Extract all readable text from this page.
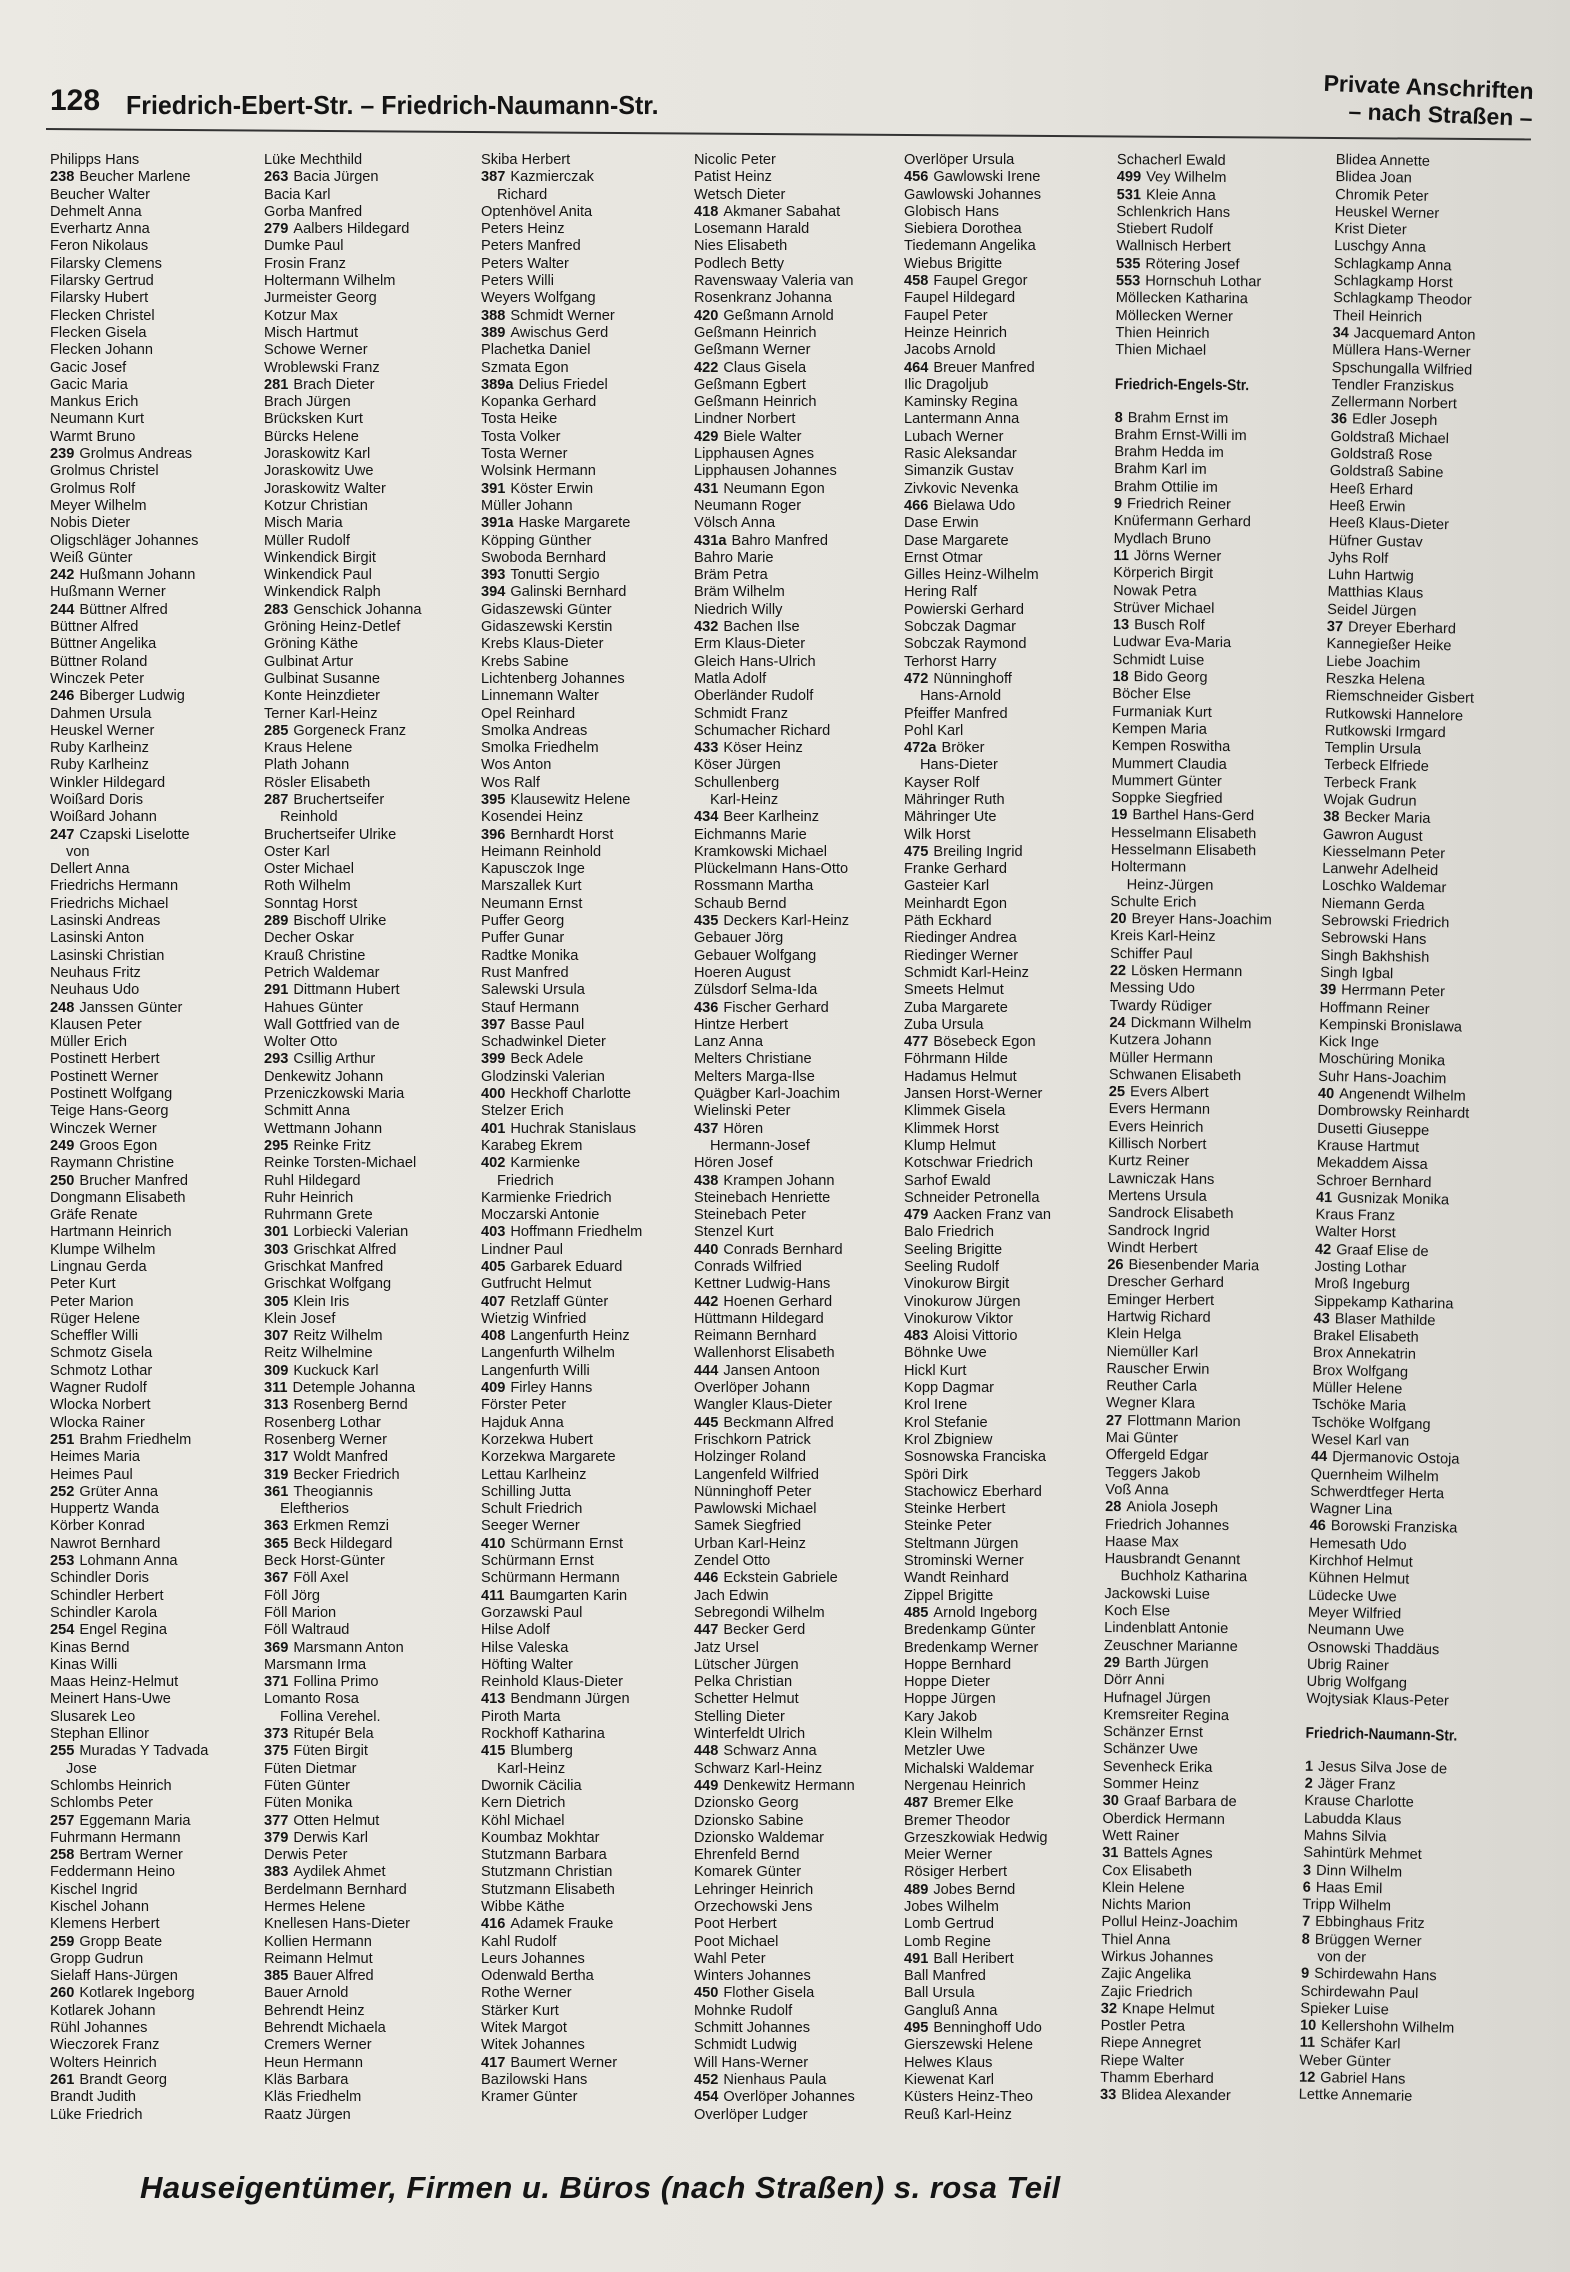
128 Friedrich-Ebert-Str. – Friedrich-Naumann-Str.
Private Anschriften
– nach Straßen –
Philipps Hans
238 Beucher Marlene
Beucher Walter
Dehmelt Anna
Everhartz Anna
Feron Nikolaus
Filarsky Clemens
Filarsky Gertrud
Filarsky Hubert
Flecken Christel
Flecken Gisela
Flecken Johann
Gacic Josef
Gacic Maria
Mankus Erich
Neumann Kurt
Warmt Bruno
239 Grolmus Andreas
Grolmus Christel
Grolmus Rolf
Meyer Wilhelm
Nobis Dieter
Oligschläger Johannes
Weiß Günter
242 Hußmann Johann
Hußmann Werner
244 Büttner Alfred
Büttner Alfred
Büttner Angelika
Büttner Roland
Winczek Peter
246 Biberger Ludwig
Dahmen Ursula
Heuskel Werner
Ruby Karlheinz
Ruby Karlheinz
Winkler Hildegard
Woißard Doris
Woißard Johann
247 Czapski Liselotte
von
Dellert Anna
Friedrichs Hermann
Friedrichs Michael
Lasinski Andreas
Lasinski Anton
Lasinski Christian
Neuhaus Fritz
Neuhaus Udo
248 Janssen Günter
Klausen Peter
Müller Erich
Postinett Herbert
Postinett Werner
Postinett Wolfgang
Teige Hans-Georg
Winczek Werner
249 Groos Egon
Raymann Christine
250 Brucher Manfred
Dongmann Elisabeth
Gräfe Renate
Hartmann Heinrich
Klumpe Wilhelm
Lingnau Gerda
Peter Kurt
Peter Marion
Rüger Helene
Scheffler Willi
Schmotz Gisela
Schmotz Lothar
Wagner Rudolf
Wlocka Norbert
Wlocka Rainer
251 Brahm Friedhelm
Heimes Maria
Heimes Paul
252 Grüter Anna
Huppertz Wanda
Körber Konrad
Nawrot Bernhard
253 Lohmann Anna
Schindler Doris
Schindler Herbert
Schindler Karola
254 Engel Regina
Kinas Bernd
Kinas Willi
Maas Heinz-Helmut
Meinert Hans-Uwe
Slusarek Leo
Stephan Ellinor
255 Muradas Y Tadvada
Jose
Schlombs Heinrich
Schlombs Peter
257 Eggemann Maria
Fuhrmann Hermann
258 Bertram Werner
Feddermann Heino
Kischel Ingrid
Kischel Johann
Klemens Herbert
259 Gropp Beate
Gropp Gudrun
Sielaff Hans-Jürgen
260 Kotlarek Ingeborg
Kotlarek Johann
Rühl Johannes
Wieczorek Franz
Wolters Heinrich
261 Brandt Georg
Brandt Judith
Lüke Friedrich
Lüke Mechthild
263 Bacia Jürgen
Bacia Karl
Gorba Manfred
279 Aalbers Hildegard
Dumke Paul
Frosin Franz
Holtermann Wilhelm
Jurmeister Georg
Kotzur Max
Misch Hartmut
Schowe Werner
Wroblewski Franz
281 Brach Dieter
Brach Jürgen
Brücksken Kurt
Bürcks Helene
Joraskowitz Karl
Joraskowitz Uwe
Joraskowitz Walter
Kotzur Christian
Misch Maria
Müller Rudolf
Winkendick Birgit
Winkendick Paul
Winkendick Ralph
283 Genschick Johanna
Gröning Heinz-Detlef
Gröning Käthe
Gulbinat Artur
Gulbinat Susanne
Konte Heinzdieter
Terner Karl-Heinz
285 Gorgeneck Franz
Kraus Helene
Plath Johann
Rösler Elisabeth
287 Bruchertseifer
Reinhold
Bruchertseifer Ulrike
Oster Karl
Oster Michael
Roth Wilhelm
Sonntag Horst
289 Bischoff Ulrike
Decher Oskar
Krauß Christine
Petrich Waldemar
291 Dittmann Hubert
Hahues Günter
Wall Gottfried van de
Wolter Otto
293 Csillig Arthur
Denkewitz Johann
Przeniczkowski Maria
Schmitt Anna
Wettmann Johann
295 Reinke Fritz
Reinke Torsten-Michael
Ruhl Hildegard
Ruhr Heinrich
Ruhrmann Grete
301 Lorbiecki Valerian
303 Grischkat Alfred
Grischkat Manfred
Grischkat Wolfgang
305 Klein Iris
Klein Josef
307 Reitz Wilhelm
Reitz Wilhelmine
309 Kuckuck Karl
311 Detemple Johanna
313 Rosenberg Bernd
Rosenberg Lothar
Rosenberg Werner
317 Woldt Manfred
319 Becker Friedrich
361 Theogiannis
Eleftherios
363 Erkmen Remzi
365 Beck Hildegard
Beck Horst-Günter
367 Föll Axel
Föll Jörg
Föll Marion
Föll Waltraud
369 Marsmann Anton
Marsmann Irma
371 Follina Primo
Lomanto Rosa
Follina Verehel.
373 Ritupér Bela
375 Füten Birgit
Füten Dietmar
Füten Günter
Füten Monika
377 Otten Helmut
379 Derwis Karl
Derwis Peter
383 Aydilek Ahmet
Berdelmann Bernhard
Hermes Helene
Knellesen Hans-Dieter
Kollien Hermann
Reimann Helmut
385 Bauer Alfred
Bauer Arnold
Behrendt Heinz
Behrendt Michaela
Cremers Werner
Heun Hermann
Kläs Barbara
Kläs Friedhelm
Raatz Jürgen
Skiba Herbert
387 Kazmierczak
Richard
Optenhövel Anita
Peters Heinz
Peters Manfred
Peters Walter
Peters Willi
Weyers Wolfgang
388 Schmidt Werner
389 Awischus Gerd
Plachetka Daniel
Szmata Egon
389a Delius Friedel
Kopanka Gerhard
Tosta Heike
Tosta Volker
Tosta Werner
Wolsink Hermann
391 Köster Erwin
Müller Johann
391a Haske Margarete
Köpping Günther
Swoboda Bernhard
393 Tonutti Sergio
394 Galinski Bernhard
Gidaszewski Günter
Gidaszewski Kerstin
Krebs Klaus-Dieter
Krebs Sabine
Lichtenberg Johannes
Linnemann Walter
Opel Reinhard
Smolka Andreas
Smolka Friedhelm
Wos Anton
Wos Ralf
395 Klausewitz Helene
Kosendei Heinz
396 Bernhardt Horst
Heimann Reinhold
Kapusczok Inge
Marszallek Kurt
Neumann Ernst
Puffer Georg
Puffer Gunar
Radtke Monika
Rust Manfred
Salewski Ursula
Stauf Hermann
397 Basse Paul
Schadwinkel Dieter
399 Beck Adele
Glodzinski Valerian
400 Heckhoff Charlotte
Stelzer Erich
401 Huchrak Stanislaus
Karabeg Ekrem
402 Karmienke
Friedrich
Karmienke Friedrich
Moczarski Antonie
403 Hoffmann Friedhelm
Lindner Paul
405 Garbarek Eduard
Gutfrucht Helmut
407 Retzlaff Günter
Wietzig Winfried
408 Langenfurth Heinz
Langenfurth Wilhelm
Langenfurth Willi
409 Firley Hanns
Förster Peter
Hajduk Anna
Korzekwa Hubert
Korzekwa Margarete
Lettau Karlheinz
Schilling Jutta
Schult Friedrich
Seeger Werner
410 Schürmann Ernst
Schürmann Ernst
Schürmann Hermann
411 Baumgarten Karin
Gorzawski Paul
Hilse Adolf
Hilse Valeska
Höfting Walter
Reinhold Klaus-Dieter
413 Bendmann Jürgen
Piroth Marta
Rockhoff Katharina
415 Blumberg
Karl-Heinz
Dwornik Cäcilia
Kern Dietrich
Köhl Michael
Koumbaz Mokhtar
Stutzmann Barbara
Stutzmann Christian
Stutzmann Elisabeth
Wibbe Käthe
416 Adamek Frauke
Kahl Rudolf
Leurs Johannes
Odenwald Bertha
Rothe Werner
Stärker Kurt
Witek Margot
Witek Johannes
417 Baumert Werner
Bazilowski Hans
Kramer Günter
Nicolic Peter
Patist Heinz
Wetsch Dieter
418 Akmaner Sabahat
Losemann Harald
Nies Elisabeth
Podlech Betty
Ravenswaay Valeria van
Rosenkranz Johanna
420 Geßmann Arnold
Geßmann Heinrich
Geßmann Werner
422 Claus Gisela
Geßmann Egbert
Geßmann Heinrich
Lindner Norbert
429 Biele Walter
Lipphausen Agnes
Lipphausen Johannes
431 Neumann Egon
Neumann Roger
Völsch Anna
431a Bahro Manfred
Bahro Marie
Bräm Petra
Bräm Wilhelm
Niedrich Willy
432 Bachen Ilse
Erm Klaus-Dieter
Gleich Hans-Ulrich
Matla Adolf
Oberländer Rudolf
Schmidt Franz
Schumacher Richard
433 Köser Heinz
Köser Jürgen
Schullenberg
Karl-Heinz
434 Beer Karlheinz
Eichmanns Marie
Kramkowski Michael
Plückelmann Hans-Otto
Rossmann Martha
Schaub Bernd
435 Deckers Karl-Heinz
Gebauer Jörg
Gebauer Wolfgang
Hoeren August
Zülsdorf Selma-Ida
436 Fischer Gerhard
Hintze Herbert
Lanz Anna
Melters Christiane
Melters Marga-Ilse
Quägber Karl-Joachim
Wielinski Peter
437 Hören
Hermann-Josef
Hören Josef
438 Krampen Johann
Steinebach Henriette
Steinebach Peter
Stenzel Kurt
440 Conrads Bernhard
Conrads Wilfried
Kettner Ludwig-Hans
442 Hoenen Gerhard
Hüttmann Hildegard
Reimann Bernhard
Wallenhorst Elisabeth
444 Jansen Antoon
Overlöper Johann
Wangler Klaus-Dieter
445 Beckmann Alfred
Frischkorn Patrick
Holzinger Roland
Langenfeld Wilfried
Nünninghoff Peter
Pawlowski Michael
Samek Siegfried
Urban Karl-Heinz
Zendel Otto
446 Eckstein Gabriele
Jach Edwin
Sebregondi Wilhelm
447 Becker Gerd
Jatz Ursel
Lütscher Jürgen
Pelka Christian
Schetter Helmut
Stelling Dieter
Winterfeldt Ulrich
448 Schwarz Anna
Schwarz Karl-Heinz
449 Denkewitz Hermann
Dzionsko Georg
Dzionsko Sabine
Dzionsko Waldemar
Ehrenfeld Bernd
Komarek Günter
Lehringer Heinrich
Orzechowski Jens
Poot Herbert
Poot Michael
Wahl Peter
Winters Johannes
450 Flother Gisela
Mohnke Rudolf
Schmitt Johannes
Schmidt Ludwig
Will Hans-Werner
452 Nienhaus Paula
454 Overlöper Johannes
Overlöper Ludger
Overlöper Ursula
456 Gawlowski Irene
Gawlowski Johannes
Globisch Hans
Siebiera Dorothea
Tiedemann Angelika
Wiebus Brigitte
458 Faupel Gregor
Faupel Hildegard
Faupel Peter
Heinze Heinrich
Jacobs Arnold
464 Breuer Manfred
Ilic Dragoljub
Kaminsky Regina
Lantermann Anna
Lubach Werner
Rasic Aleksandar
Simanzik Gustav
Zivkovic Nevenka
466 Bielawa Udo
Dase Erwin
Dase Margarete
Ernst Otmar
Gilles Heinz-Wilhelm
Hering Ralf
Powierski Gerhard
Sobczak Dagmar
Sobczak Raymond
Terhorst Harry
472 Nünninghoff
Hans-Arnold
Pfeiffer Manfred
Pohl Karl
472a Bröker
Hans-Dieter
Kayser Rolf
Mähringer Ruth
Mähringer Ute
Wilk Horst
475 Breiling Ingrid
Franke Gerhard
Gasteier Karl
Meinhardt Egon
Päth Eckhard
Riedinger Andrea
Riedinger Werner
Schmidt Karl-Heinz
Smeets Helmut
Zuba Margarete
Zuba Ursula
477 Bösebeck Egon
Föhrmann Hilde
Hadamus Helmut
Jansen Horst-Werner
Klimmek Gisela
Klimmek Horst
Klump Helmut
Kotschwar Friedrich
Sarhof Ewald
Schneider Petronella
479 Aacken Franz van
Balo Friedrich
Seeling Brigitte
Seeling Rudolf
Vinokurow Birgit
Vinokurow Jürgen
Vinokurow Viktor
483 Aloisi Vittorio
Böhnke Uwe
Hickl Kurt
Kopp Dagmar
Krol Irene
Krol Stefanie
Krol Zbigniew
Sosnowska Franciska
Spöri Dirk
Stachowicz Eberhard
Steinke Herbert
Steinke Peter
Steltmann Jürgen
Strominski Werner
Wandt Reinhard
Zippel Brigitte
485 Arnold Ingeborg
Bredenkamp Günter
Bredenkamp Werner
Hoppe Bernhard
Hoppe Dieter
Hoppe Jürgen
Kary Jakob
Klein Wilhelm
Metzler Uwe
Michalski Waldemar
Nergenau Heinrich
487 Bremer Elke
Bremer Theodor
Grzeszkowiak Hedwig
Meier Werner
Rösiger Herbert
489 Jobes Bernd
Jobes Wilhelm
Lomb Gertrud
Lomb Regine
491 Ball Heribert
Ball Manfred
Ball Ursula
Gangluß Anna
495 Benninghoff Udo
Gierszewski Helene
Helwes Klaus
Kiewenat Karl
Küsters Heinz-Theo
Reuß Karl-Heinz
Schacherl Ewald
499 Vey Wilhelm
531 Kleie Anna
Schlenkrich Hans
Stiebert Rudolf
Wallnisch Herbert
535 Rötering Josef
553 Hornschuh Lothar
Möllecken Katharina
Möllecken Werner
Thien Heinrich
Thien Michael
Friedrich-Engels-Str.
8 Brahm Ernst im
Brahm Ernst-Willi im
Brahm Hedda im
Brahm Karl im
Brahm Ottilie im
9 Friedrich Reiner
Knüfermann Gerhard
Mydlach Bruno
11 Jörns Werner
Körperich Birgit
Nowak Petra
Strüver Michael
13 Busch Rolf
Ludwar Eva-Maria
Schmidt Luise
18 Bido Georg
Böcher Else
Furmaniak Kurt
Kempen Maria
Kempen Roswitha
Mummert Claudia
Mummert Günter
Soppke Siegfried
19 Barthel Hans-Gerd
Hesselmann Elisabeth
Hesselmann Elisabeth
Holtermann
Heinz-Jürgen
Schulte Erich
20 Breyer Hans-Joachim
Kreis Karl-Heinz
Schiffer Paul
22 Lösken Hermann
Messing Udo
Twardy Rüdiger
24 Dickmann Wilhelm
Kutzera Johann
Müller Hermann
Schwanen Elisabeth
25 Evers Albert
Evers Hermann
Evers Heinrich
Killisch Norbert
Kurtz Reiner
Lawniczak Hans
Mertens Ursula
Sandrock Elisabeth
Sandrock Ingrid
Windt Herbert
26 Biesenbender Maria
Drescher Gerhard
Eminger Herbert
Hartwig Richard
Klein Helga
Niemüller Karl
Rauscher Erwin
Reuther Carla
Wegner Klara
27 Flottmann Marion
Mai Günter
Offergeld Edgar
Teggers Jakob
Voß Anna
28 Aniola Joseph
Friedrich Johannes
Haase Max
Hausbrandt Genannt
Buchholz Katharina
Jackowski Luise
Koch Else
Lindenblatt Antonie
Zeuschner Marianne
29 Barth Jürgen
Dörr Anni
Hufnagel Jürgen
Kremsreiter Regina
Schänzer Ernst
Schänzer Uwe
Sevenheck Erika
Sommer Heinz
30 Graaf Barbara de
Oberdick Hermann
Wett Rainer
31 Battels Agnes
Cox Elisabeth
Klein Helene
Nichts Marion
Pollul Heinz-Joachim
Thiel Anna
Wirkus Johannes
Zajic Angelika
Zajic Friedrich
32 Knape Helmut
Postler Petra
Riepe Annegret
Riepe Walter
Thamm Eberhard
33 Blidea Alexander
Blidea Annette
Blidea Joan
Chromik Peter
Heuskel Werner
Krist Dieter
Luschgy Anna
Schlagkamp Anna
Schlagkamp Horst
Schlagkamp Theodor
Theil Heinrich
34 Jacquemard Anton
Müllera Hans-Werner
Spschungalla Wilfried
Tendler Franziskus
Zellermann Norbert
36 Edler Joseph
Goldstraß Michael
Goldstraß Rose
Goldstraß Sabine
Heeß Erhard
Heeß Erwin
Heeß Klaus-Dieter
Hüfner Gustav
Jyhs Rolf
Luhn Hartwig
Matthias Klaus
Seidel Jürgen
37 Dreyer Eberhard
Kannegießer Heike
Liebe Joachim
Reszka Helena
Riemschneider Gisbert
Rutkowski Hannelore
Rutkowski Irmgard
Templin Ursula
Terbeck Elfriede
Terbeck Frank
Wojak Gudrun
38 Becker Maria
Gawron August
Kiesselmann Peter
Lanwehr Adelheid
Loschko Waldemar
Niemann Gerda
Sebrowski Friedrich
Sebrowski Hans
Singh Bakhshish
Singh Igbal
39 Herrmann Peter
Hoffmann Reiner
Kempinski Bronislawa
Kick Inge
Moschüring Monika
Suhr Hans-Joachim
40 Angenendt Wilhelm
Dombrowsky Reinhardt
Dusetti Giuseppe
Krause Hartmut
Mekaddem Aissa
Schroer Bernhard
41 Gusnizak Monika
Kraus Franz
Walter Horst
42 Graaf Elise de
Josting Lothar
Mroß Ingeburg
Sippekamp Katharina
43 Blaser Mathilde
Brakel Elisabeth
Brox Annekatrin
Brox Wolfgang
Müller Helene
Tschöke Maria
Tschöke Wolfgang
Wesel Karl van
44 Djermanovic Ostoja
Quernheim Wilhelm
Schwerdtfeger Herta
Wagner Lina
46 Borowski Franziska
Hemesath Udo
Kirchhof Helmut
Kühnen Helmut
Lüdecke Uwe
Meyer Wilfried
Neumann Uwe
Osnowski Thaddäus
Ubrig Rainer
Ubrig Wolfgang
Wojtysiak Klaus-Peter
Friedrich-Naumann-Str.
1 Jesus Silva Jose de
2 Jäger Franz
Krause Charlotte
Labudda Klaus
Mahns Silvia
Sahintürk Mehmet
3 Dinn Wilhelm
6 Haas Emil
Tripp Wilhelm
7 Ebbinghaus Fritz
8 Brüggen Werner
von der
9 Schirdewahn Hans
Schirdewahn Paul
Spieker Luise
10 Kellershohn Wilhelm
11 Schäfer Karl
Weber Günter
12 Gabriel Hans
Lettke Annemarie
Hauseigentümer, Firmen u. Büros (nach Straßen) s. rosa Teil
